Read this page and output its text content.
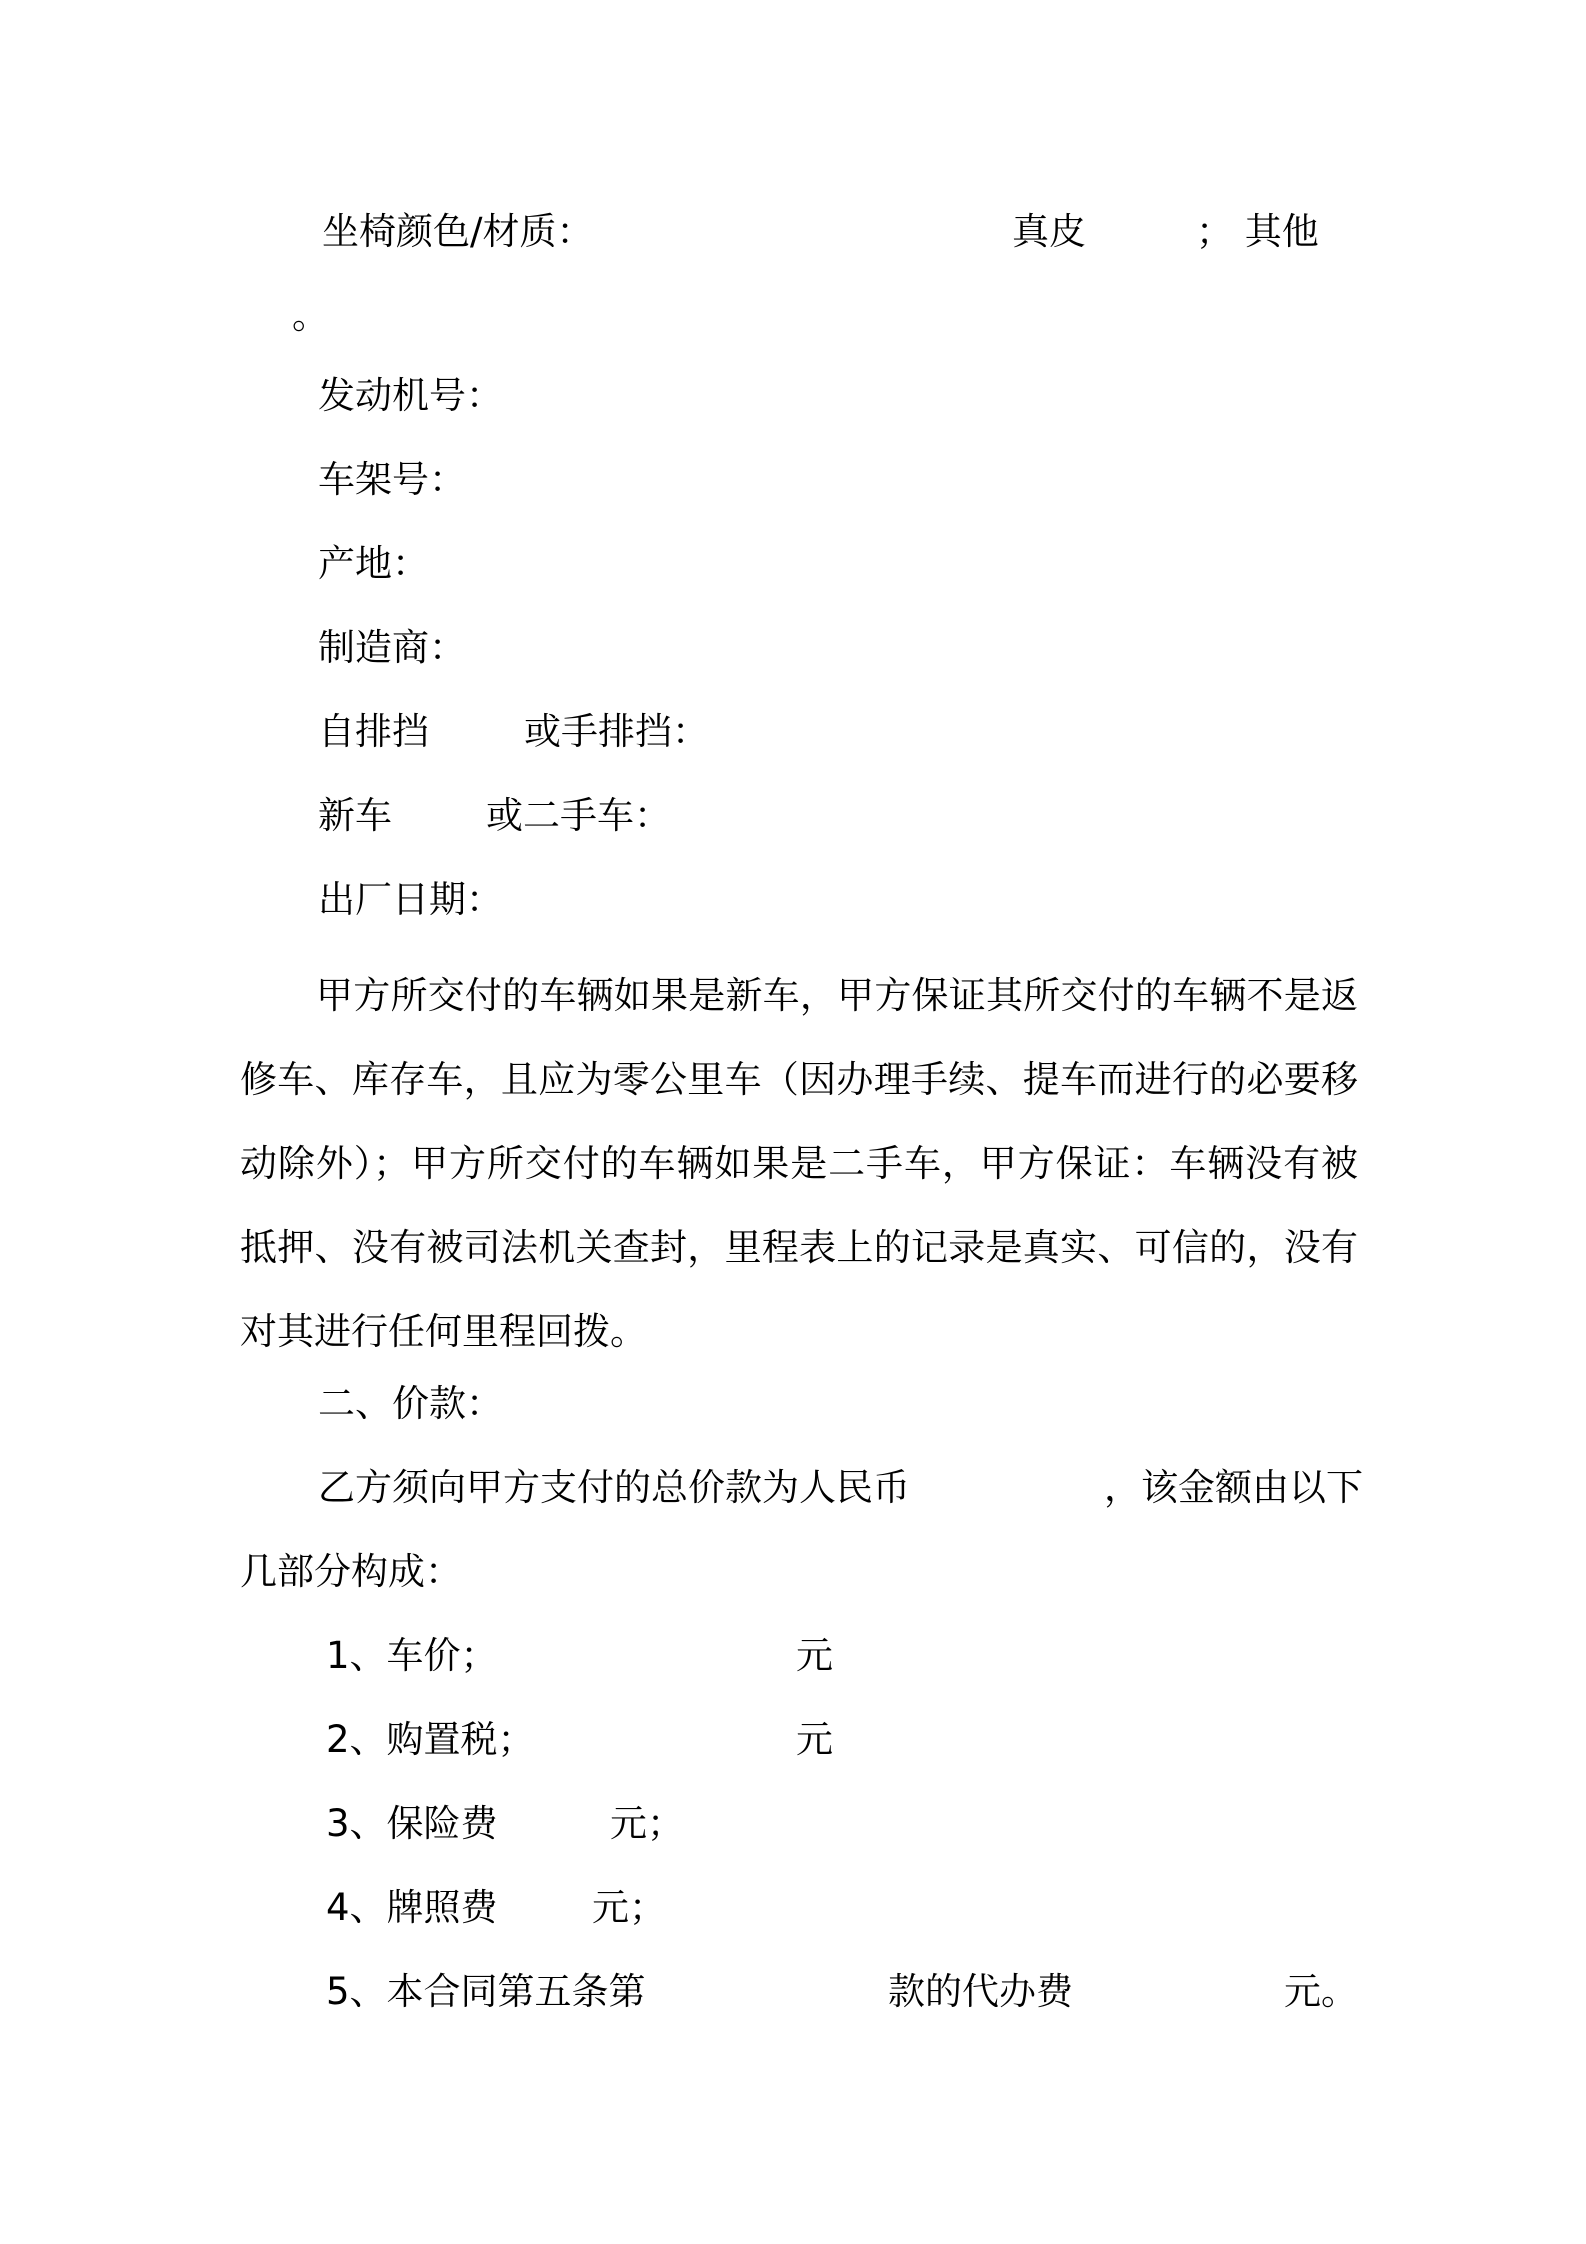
坐椅颜色/材质：	真皮	； 其他
。
发动机号：
车架号：
产地：
制造商：
自排挡	或手排挡：
新车	或二手车：
出厂日期：
甲方所交付的车辆如果是新车，甲方保证其所交付的车辆不是返修车、库存车，且应为零公里车（因办理手续、提车而进行的必要移动除外）；甲方所交付的车辆如果是二手车，甲方保证：车辆没有被抵押、没有被司法机关查封，里程表上的记录是真实、可信的，没有对其进行任何里程回拨。
二、价款：
乙方须向甲方支付的总价款为人民币	，该金额由以下
几部分构成：
1、车价；	元
2、购置税；	元
3、保险费	元；
4、牌照费	元；
5、本合同第五条第	款的代办费	元。
